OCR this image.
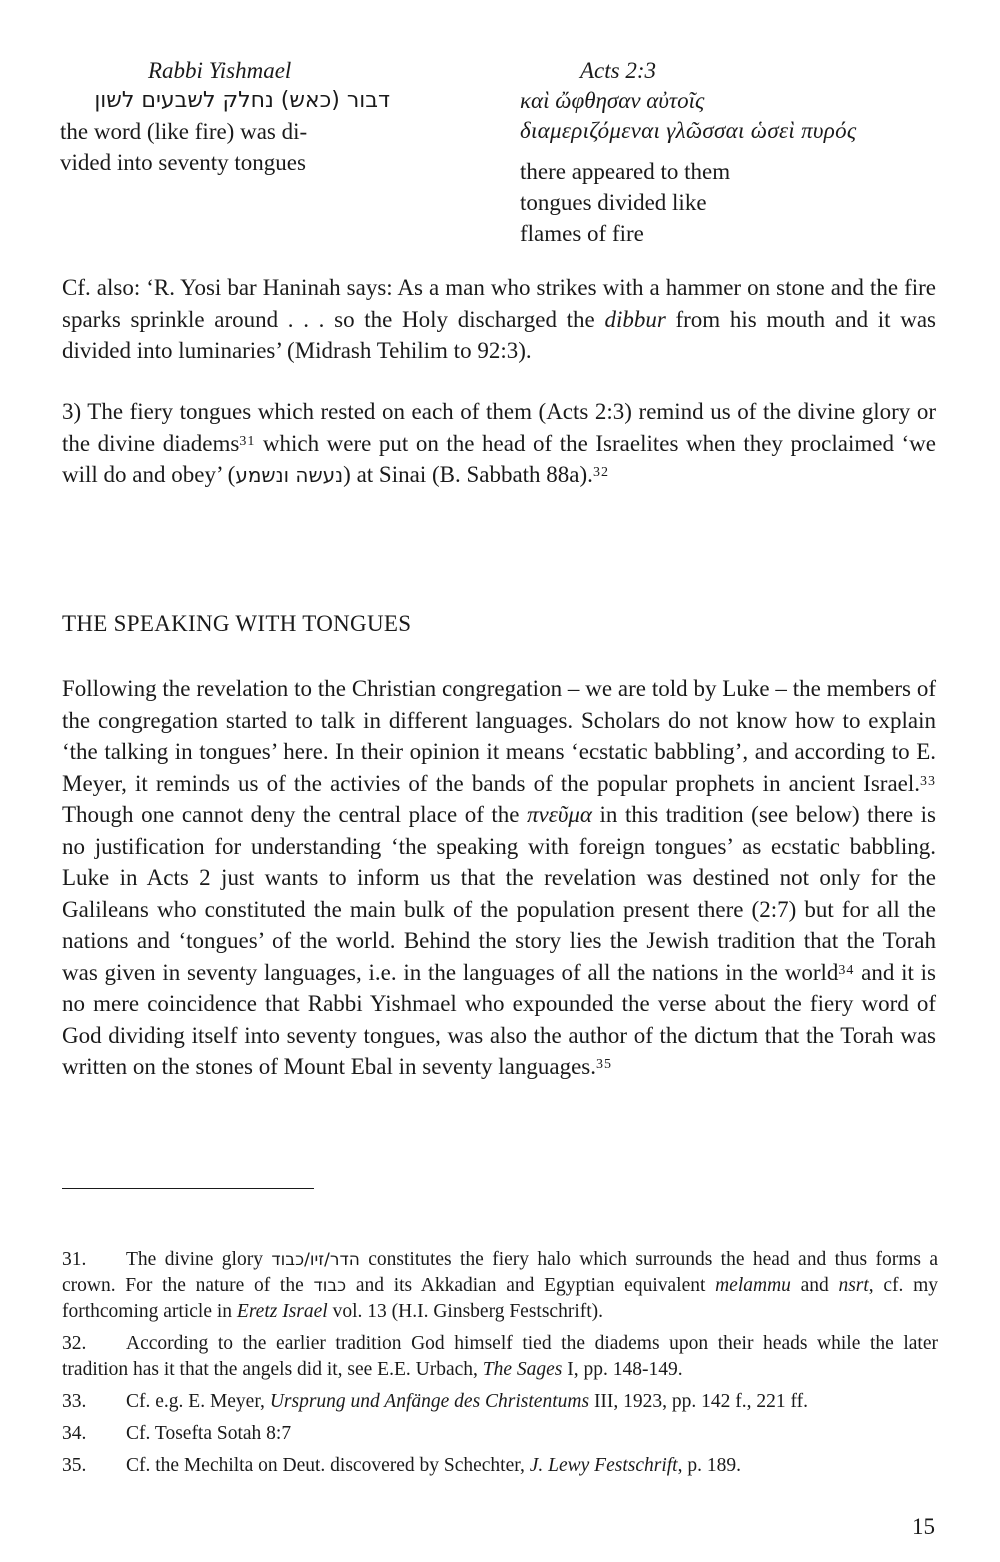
Rabbi Yishmael
דבור (כאש) נחלק לשבעים לשון
the word (like fire) was di-
vided into seventy tongues
Acts 2:3
καὶ ὤφθησαν αὐτοῖς
διαμεριζόμεναι γλῶσσαι ὡσεὶ πυρός
there appeared to them
tongues divided like
flames of fire
Cf. also: ‘R. Yosi bar Haninah says: As a man who strikes with a hammer on stone and the fire sparks sprinkle around . . . so the Holy discharged the dibbur from his mouth and it was divided into luminaries’ (Midrash Tehilim to 92:3).
3) The fiery tongues which rested on each of them (Acts 2:3) remind us of the divine glory or the divine diadems$^{31}$ which were put on the head of the Israelites when they proclaimed ‘we will do and obey’ (נעשה ונשמע) at Sinai (B. Sabbath 88a).$^{32}$
THE SPEAKING WITH TONGUES
Following the revelation to the Christian congregation – we are told by Luke – the members of the congregation started to talk in different languages. Scholars do not know how to explain ‘the talking in tongues’ here. In their opinion it means ‘ecstatic babbling’, and according to E. Meyer, it reminds us of the activies of the bands of the popular prophets in ancient Israel.$^{33}$ Though one cannot deny the central place of the πνεῦμα in this tradition (see below) there is no justification for understanding ‘the speaking with foreign tongues’ as ecstatic babbling. Luke in Acts 2 just wants to inform us that the revelation was destined not only for the Galileans who constituted the main bulk of the population present there (2:7) but for all the nations and ‘tongues’ of the world. Behind the story lies the Jewish tradition that the Torah was given in seventy languages, i.e. in the languages of all the nations in the world$^{34}$ and it is no mere coincidence that Rabbi Yishmael who expounded the verse about the fiery word of God dividing itself into seventy tongues, was also the author of the dictum that the Torah was written on the stones of Mount Ebal in seventy languages.$^{35}$
31. The divine glory הדר/זיו/כבוד constitutes the fiery halo which surrounds the head and thus forms a crown. For the nature of the כבוד and its Akkadian and Egyptian equivalent melammu and nsrt, cf. my forthcoming article in Eretz Israel vol. 13 (H.I. Ginsberg Festschrift).
32. According to the earlier tradition God himself tied the diadems upon their heads while the later tradition has it that the angels did it, see E.E. Urbach, The Sages I, pp. 148-149.
33. Cf. e.g. E. Meyer, Ursprung und Anfänge des Christentums III, 1923, pp. 142 f., 221 ff.
34. Cf. Tosefta Sotah 8:7
35. Cf. the Mechilta on Deut. discovered by Schechter, J. Lewy Festschrift, p. 189.
15
